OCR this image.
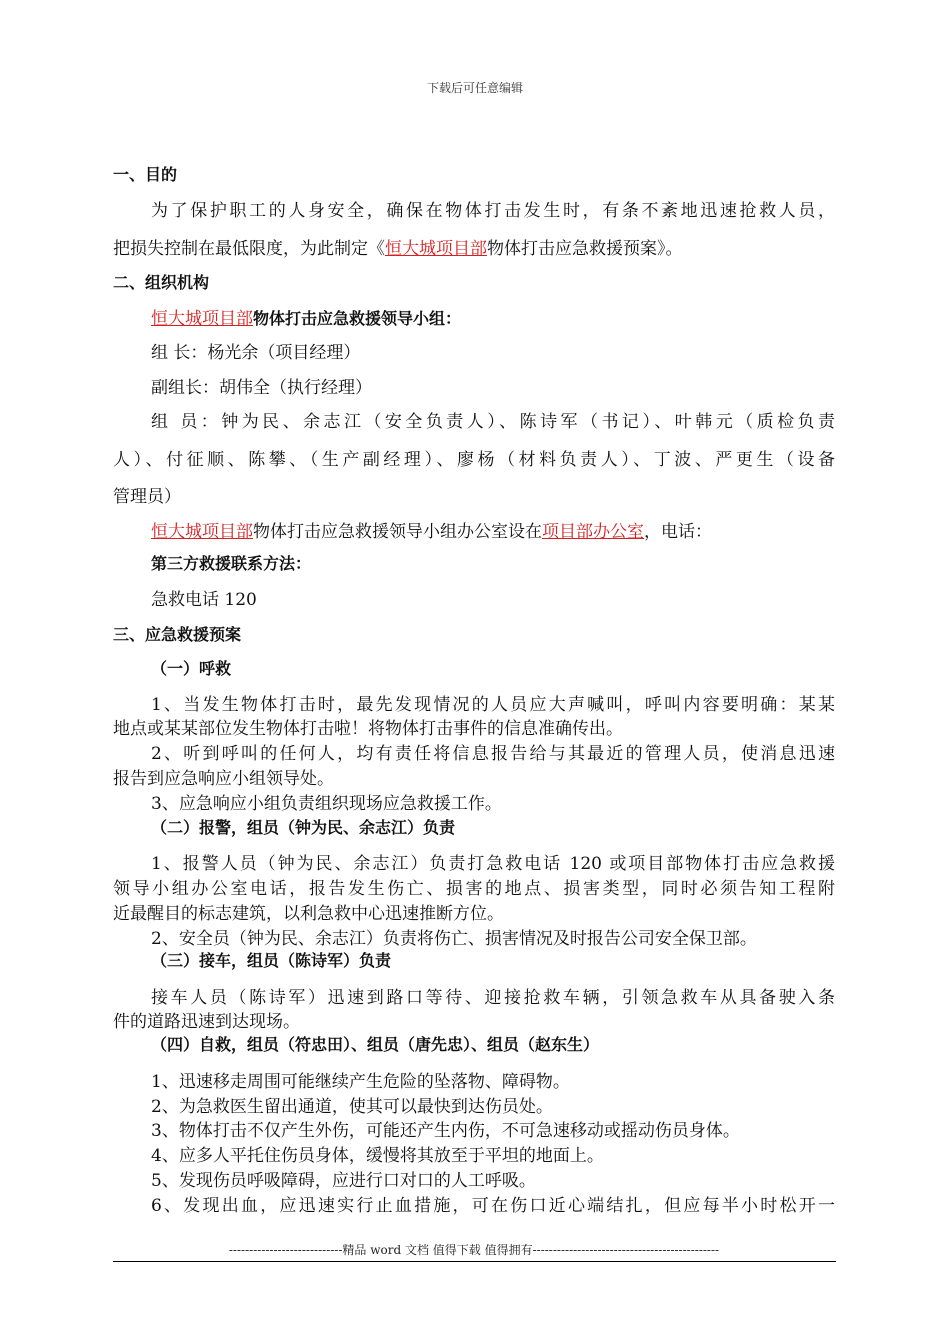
下载后可任意编辑
一、目的
为了保护职工的人身安全，确保在物体打击发生时，有条不紊地迅速抢救人员，
把损失控制在最低限度，为此制定《恒大城项目部物体打击应急救援预案》。
二、组织机构
恒大城项目部物体打击应急救援领导小组：
组 长：杨光余（项目经理）
副组长：胡伟全（执行经理）
组 员：钟为民、余志江（安全负责人）、陈诗军（书记）、叶韩元（质检负责
人）、付征顺、陈攀、（生产副经理）、廖杨（材料负责人）、丁波、严更生（设备
管理员）
恒大城项目部物体打击应急救援领导小组办公室设在项目部办公室，电话：
第三方救援联系方法：
急救电话 120
三、应急救援预案
（一）呼救
1、当发生物体打击时，最先发现情况的人员应大声喊叫，呼叫内容要明确：某某
地点或某某部位发生物体打击啦！将物体打击事件的信息准确传出。
2、听到呼叫的任何人，均有责任将信息报告给与其最近的管理人员，使消息迅速
报告到应急响应小组领导处。
3、应急响应小组负责组织现场应急救援工作。
（二）报警，组员（钟为民、余志江）负责
1、报警人员（钟为民、余志江）负责打急救电话 120 或项目部物体打击应急救援
领导小组办公室电话，报告发生伤亡、损害的地点、损害类型，同时必须告知工程附
近最醒目的标志建筑，以利急救中心迅速推断方位。
2、安全员（钟为民、余志江）负责将伤亡、损害情况及时报告公司安全保卫部。
（三）接车，组员（陈诗军）负责
接车人员（陈诗军）迅速到路口等待、迎接抢救车辆，引领急救车从具备驶入条
件的道路迅速到达现场。
（四）自救，组员（符忠田）、组员（唐先忠）、组员（赵东生）
1、迅速移走周围可能继续产生危险的坠落物、障碍物。
2、为急救医生留出通道，使其可以最快到达伤员处。
3、物体打击不仅产生外伤，可能还产生内伤，不可急速移动或摇动伤员身体。
4、应多人平托住伤员身体，缓慢将其放至于平坦的地面上。
5、发现伤员呼吸障碍，应进行口对口的人工呼吸。
6、发现出血，应迅速实行止血措施，可在伤口近心端结扎，但应每半小时松开一
----------------------------精品 word 文档 值得下载 值得拥有----------------------------------------------
